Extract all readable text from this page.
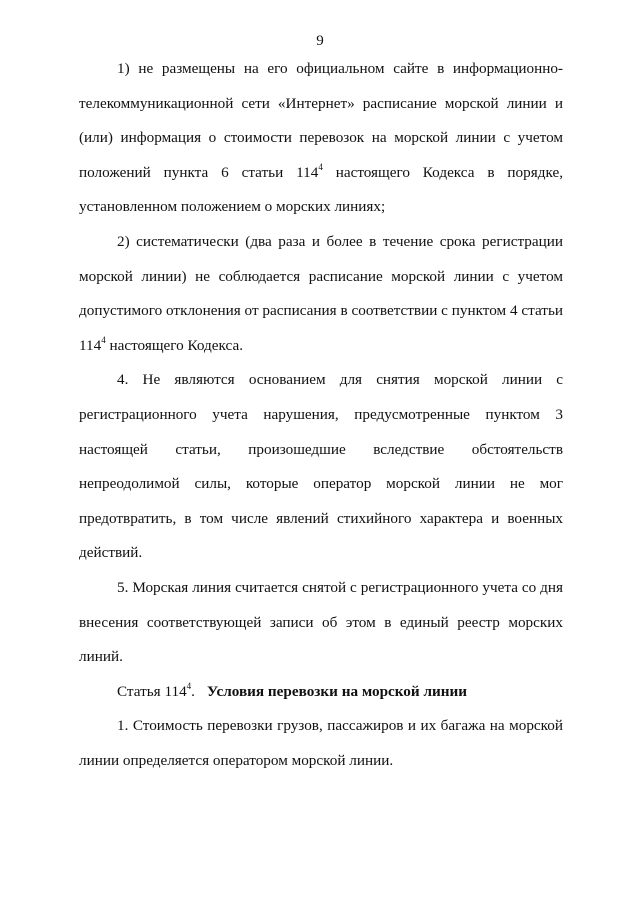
9

1) не размещены на его официальном сайте в информационно-телекоммуникационной сети «Интернет» расписание морской линии и (или) информация о стоимости перевозок на морской линии с учетом положений пункта 6 статьи $114^4$ настоящего Кодекса в порядке, установленном положением о морских линиях;

2) систематически (два раза и более в течение срока регистрации морской линии) не соблюдается расписание морской линии с учетом допустимого отклонения от расписания в соответствии с пунктом 4 статьи $114^4$ настоящего Кодекса.

4. Не являются основанием для снятия морской линии с регистрационного учета нарушения, предусмотренные пунктом 3 настоящей статьи, произошедшие вследствие обстоятельств непреодолимой силы, которые оператор морской линии не мог предотвратить, в том числе явлений стихийного характера и военных действий.

5. Морская линия считается снятой с регистрационного учета со дня внесения соответствующей записи об этом в единый реестр морских линий.

Статья $114^4$. Условия перевозки на морской линии

1. Стоимость перевозки грузов, пассажиров и их багажа на морской линии определяется оператором морской линии.
